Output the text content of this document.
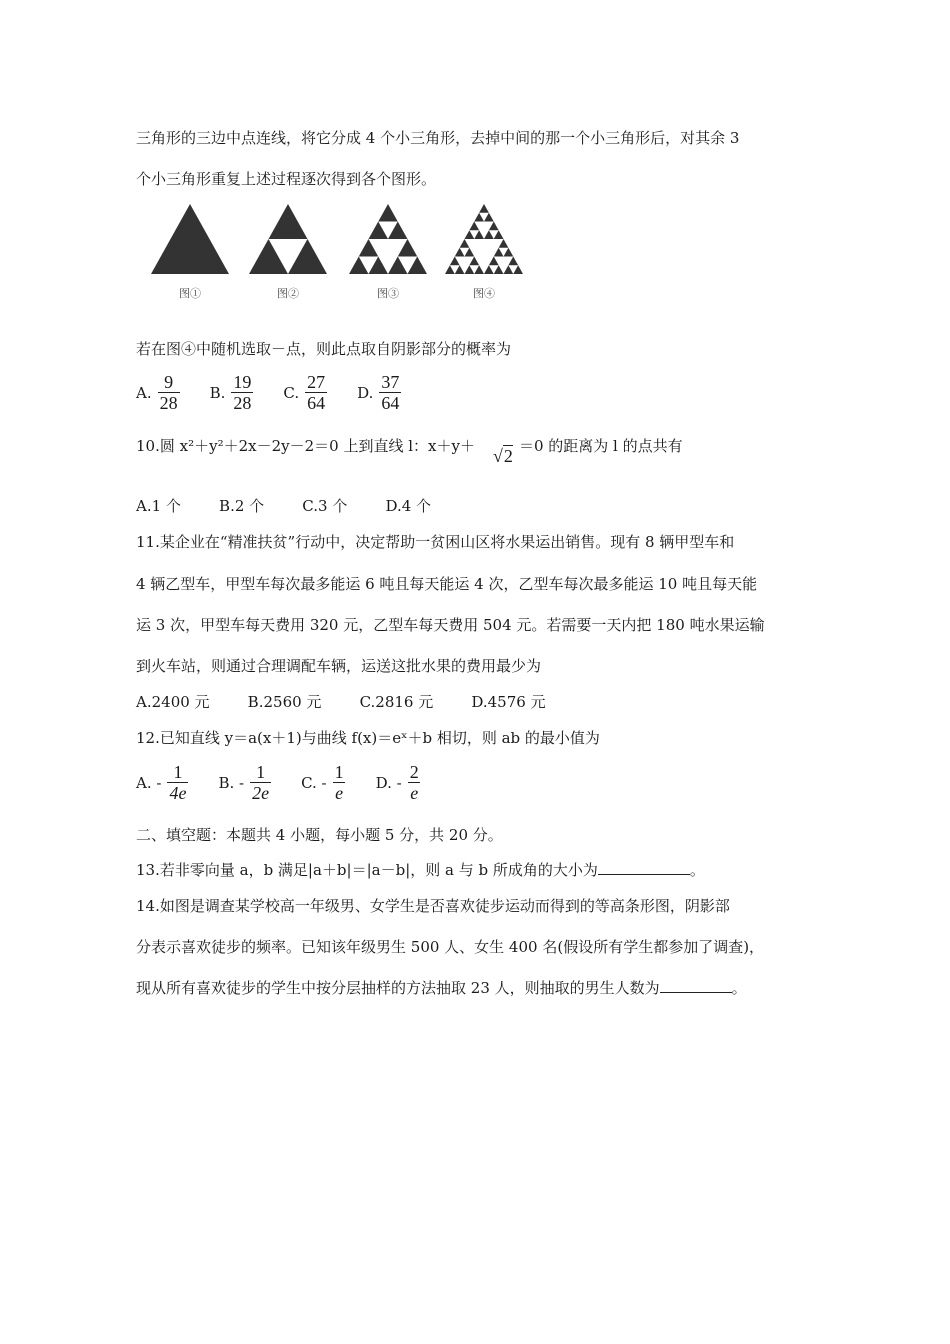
三角形的三边中点连线，将它分成 4 个小三角形，去掉中间的那一个小三角形后，对其余 3
个小三角形重复上述过程逐次得到各个图形。
图①	图②	图③	图④
若在图④中随机选取－点，则此点取自阴影部分的概率为
A. $\frac{9}{28} B$. $\frac{19}{28} C$. $\frac{27}{64} D$. $\frac{37}{64}$
10.圆 x²＋y²＋2x－2y－2＝0 上到直线 l：x＋y＋	＝0 的距离为 l 的点共有
√2
A.1 个        B.2 个        C.3 个        D.4 个
11.某企业在“精准扶贫”行动中，决定帮助一贫困山区将水果运出销售。现有 8 辆甲型车和
4 辆乙型车，甲型车每次最多能运 6 吨且每天能运 4 次，乙型车每次最多能运 10 吨且每天能
运 3 次，甲型车每天费用 320 元，乙型车每天费用 504 元。若需要一天内把 180 吨水果运输
到火车站，则通过合理调配车辆，运送这批水果的费用最少为
A.2400 元        B.2560 元        C.2816 元        D.4576 元
12.已知直线 y＝a(x＋1)与曲线 f(x)＝eˣ＋b 相切，则 ab 的最小值为
A. - $\frac{1}{4e} B$. - $\frac{1}{2e} C$. - $\frac{1}{e} D$. - $\frac{2}{e}$
二、填空题：本题共 4 小题，每小题 5 分，共 20 分。
13.若非零向量 a，b 满足|a＋b|＝|a－b|，则 a 与 b 所成角的大小为	。
14.如图是调查某学校高一年级男、女学生是否喜欢徒步运动而得到的等高条形图，阴影部
分表示喜欢徒步的频率。已知该年级男生 500 人、女生 400 名(假设所有学生都参加了调查)，
现从所有喜欢徒步的学生中按分层抽样的方法抽取 23 人，则抽取的男生人数为	。
